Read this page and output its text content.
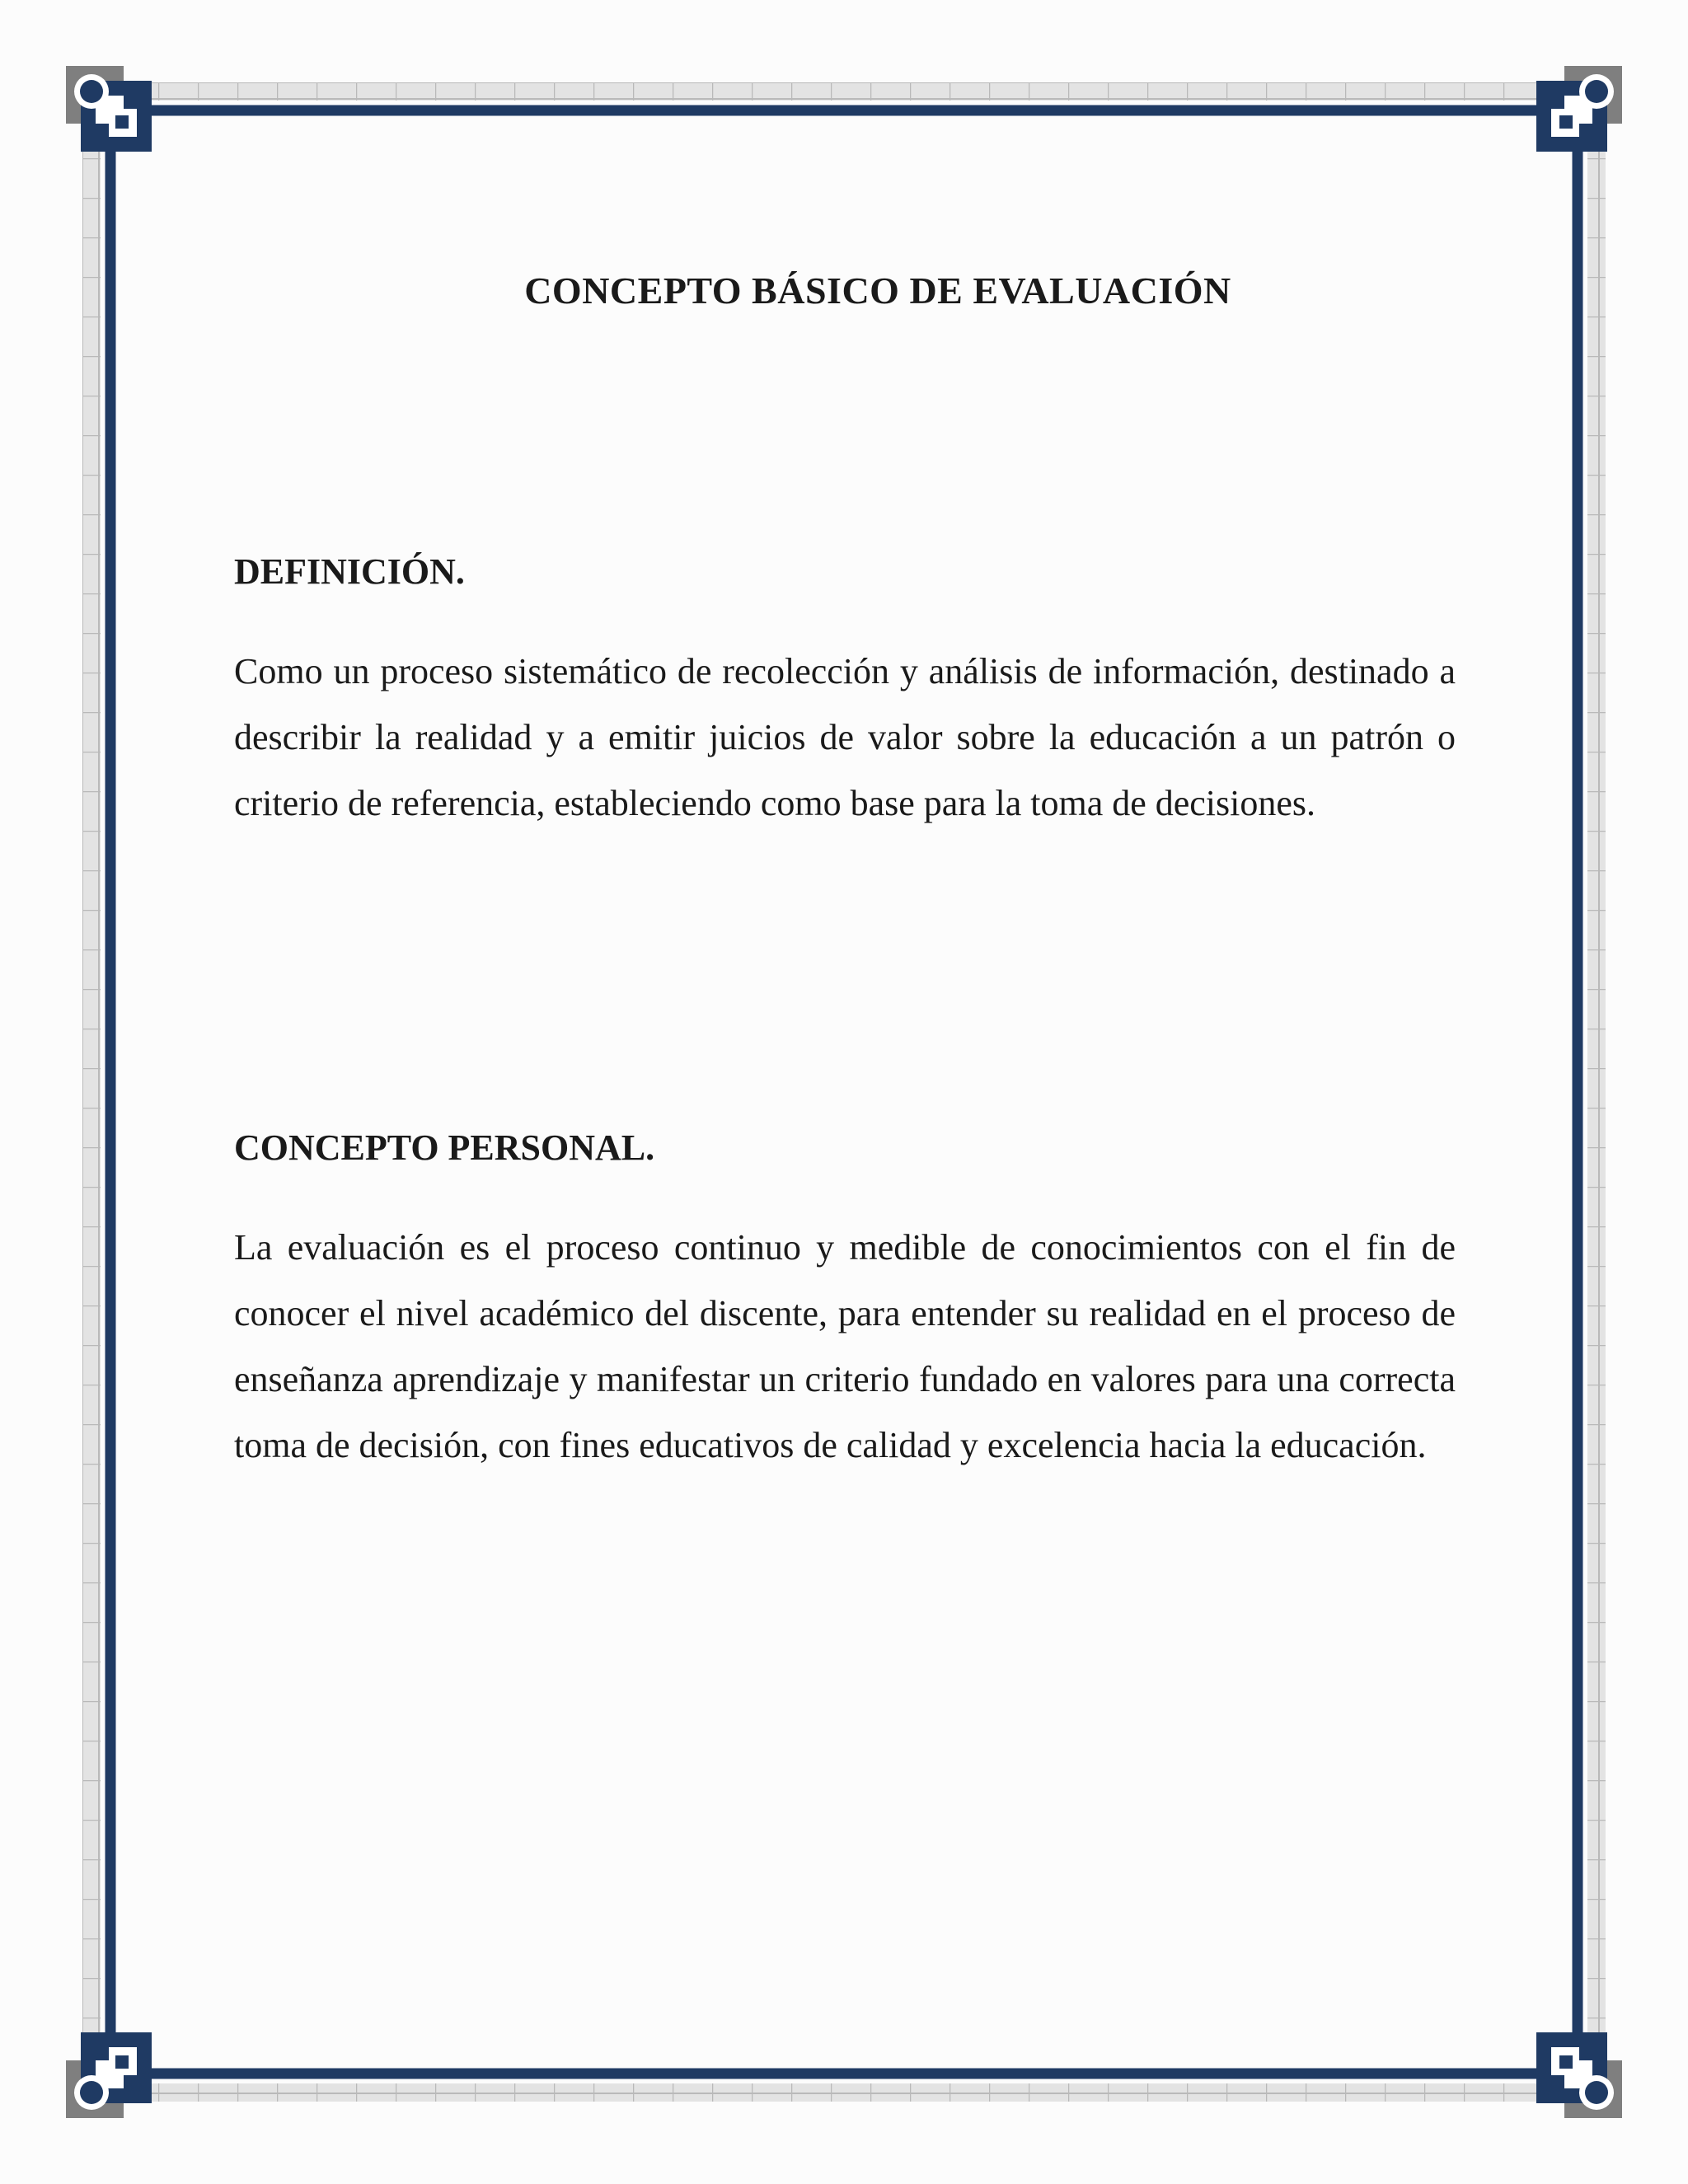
CONCEPTO BÁSICO DE EVALUACIÓN
DEFINICIÓN.

Como un proceso sistemático de recolección y análisis de información, destinado a describir la realidad y a emitir juicios de valor sobre la educación a un patrón o criterio de referencia, estableciendo como base para la toma de decisiones.

CONCEPTO PERSONAL.

La evaluación es el proceso continuo y medible de conocimientos con el fin de conocer el nivel académico del discente, para entender su realidad en el proceso de enseñanza aprendizaje y manifestar un criterio fundado en valores para una correcta toma de decisión, con fines educativos de calidad y excelencia hacia la educación.
